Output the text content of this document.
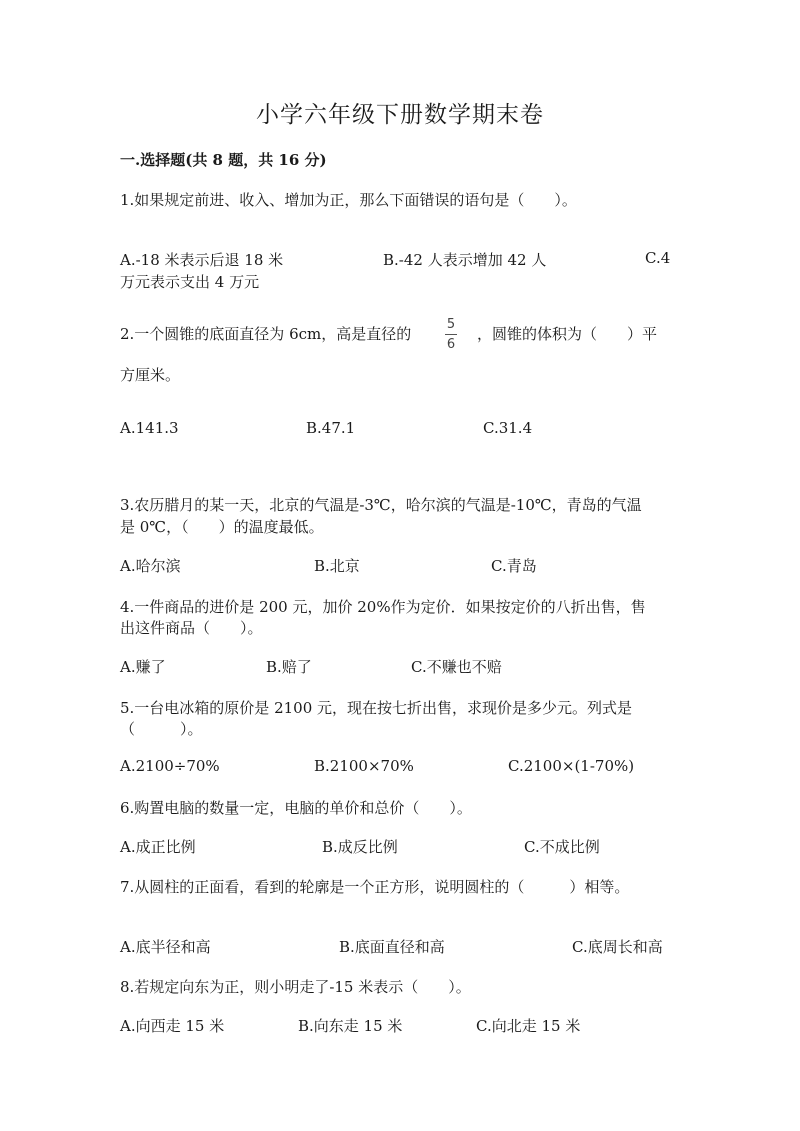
小学六年级下册数学期末卷
一.选择题(共 8 题，共 16 分)
1.如果规定前进、收入、增加为正，那么下面错误的语句是（　　）。
A.-18 米表示后退 18 米	B.-42 人表示增加 42 人	C.4
万元表示支出 4 万元
2.一个圆锥的底面直径为 6cm，高是直径的
5
6
，圆锥的体积为（　　）平
方厘米。
A.141.3	B.47.1	C.31.4
3.农历腊月的某一天，北京的气温是-3℃，哈尔滨的气温是-10℃，青岛的气温
是 0℃，（　　）的温度最低。
A.哈尔滨	B.北京	C.青岛
4.一件商品的进价是 200 元，加价 20%作为定价．如果按定价的八折出售，售
出这件商品（　　）。
A.赚了	B.赔了	C.不赚也不赔
5.一台电冰箱的原价是 2100 元，现在按七折出售，求现价是多少元。列式是
（　　　）。
A.2100÷70%	B.2100×70%	C.2100×(1-70%)
6.购置电脑的数量一定，电脑的单价和总价（　　）。
A.成正比例	B.成反比例	C.不成比例
7.从圆柱的正面看，看到的轮廓是一个正方形，说明圆柱的（　　　）相等。
A.底半径和高	B.底面直径和高	C.底周长和高
8.若规定向东为正，则小明走了-15 米表示（　　）。
A.向西走 15 米	B.向东走 15 米	C.向北走 15 米
